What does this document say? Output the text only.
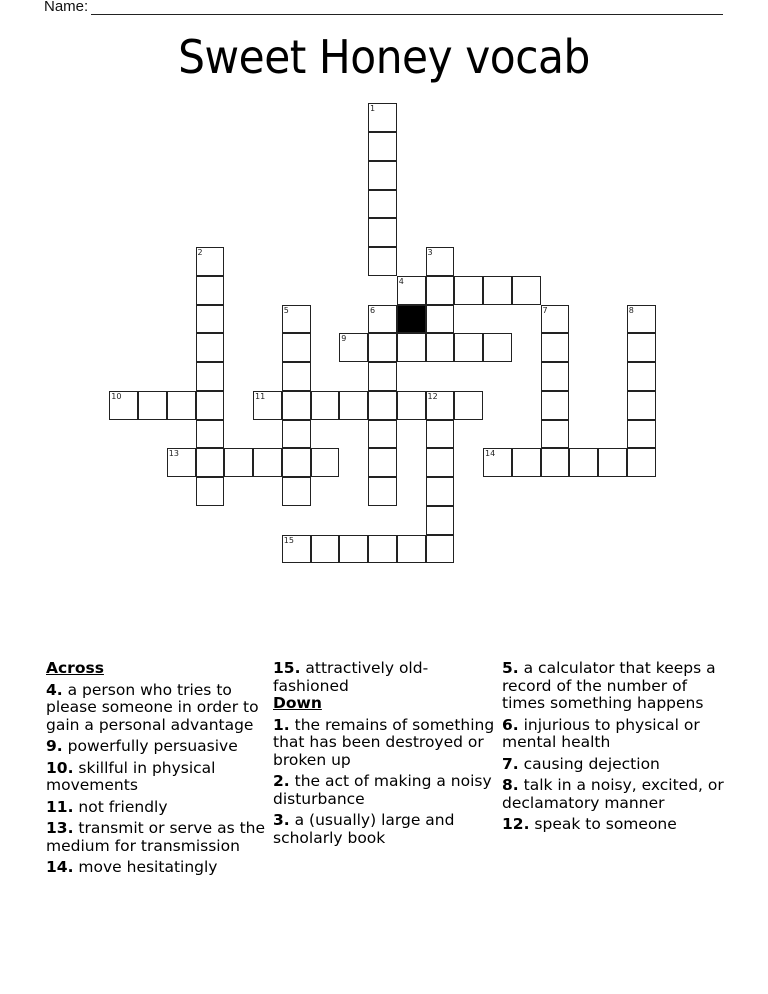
Name:
Sweet Honey vocab
1
2	3
4
5	6	7	8
9
10	11	12
13	14
15
Across
4. a person who tries to please someone in order to gain a personal advantage
9. powerfully persuasive
10. skillful in physical movements
11. not friendly
13. transmit or serve as the medium for transmission
14. move hesitatingly
15. attractively old-fashioned
Down
1. the remains of something that has been destroyed or broken up
2. the act of making a noisy disturbance
3. a (usually) large and scholarly book
5. a calculator that keeps a record of the number of times something happens
6. injurious to physical or mental health
7. causing dejection
8. talk in a noisy, excited, or declamatory manner
12. speak to someone
